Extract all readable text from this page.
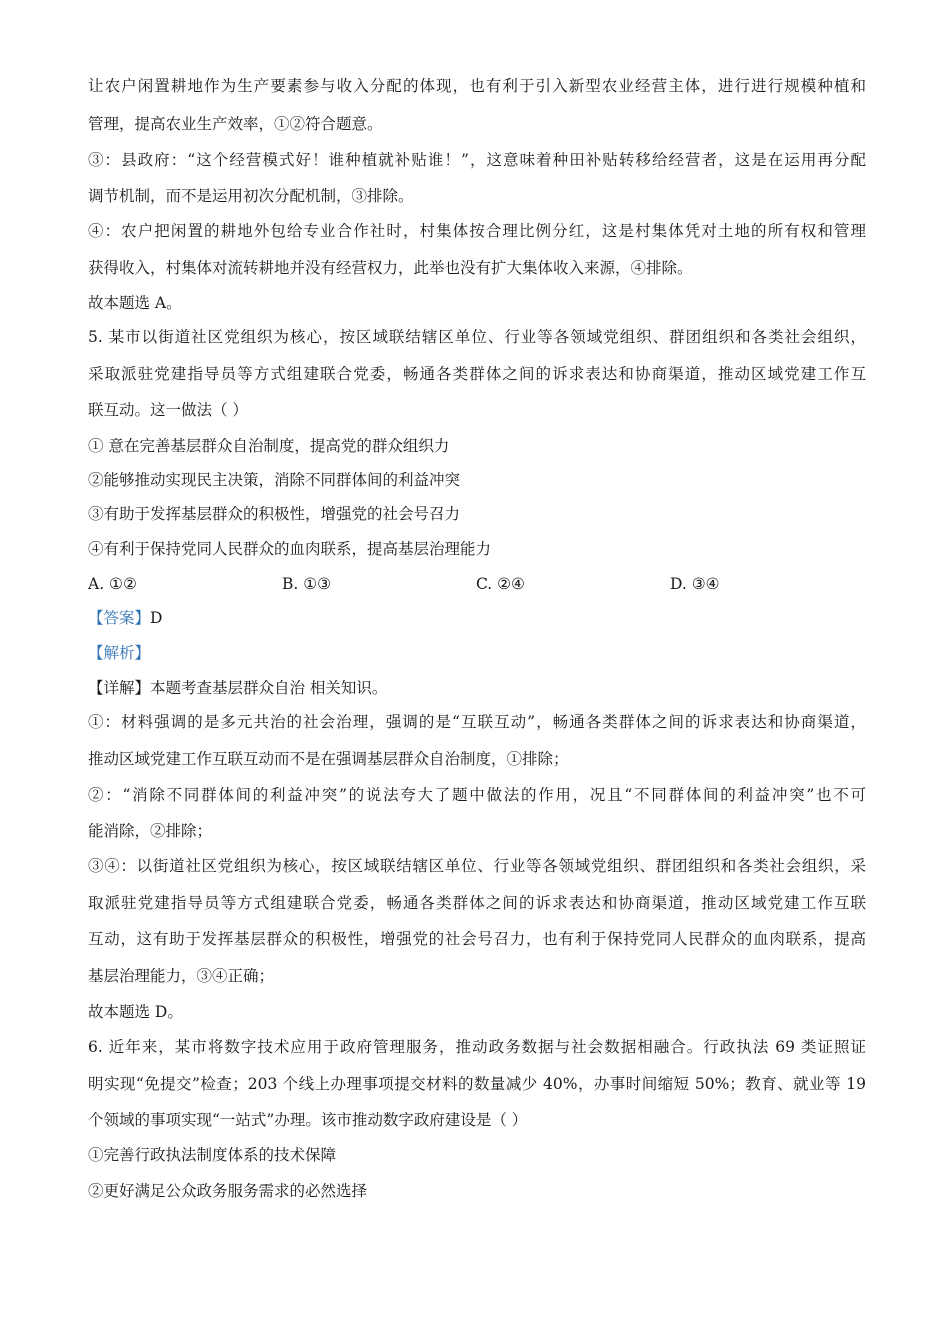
让农户闲置耕地作为生产要素参与收入分配的体现，也有利于引入新型农业经营主体，进行进行规模种植和
管理，提高农业生产效率，①②符合题意。
③：县政府：“这个经营模式好！谁种植就补贴谁！”，这意味着种田补贴转移给经营者，这是在运用再分配
调节机制，而不是运用初次分配机制，③排除。
④：农户把闲置的耕地外包给专业合作社时，村集体按合理比例分红，这是村集体凭对土地的所有权和管理
获得收入，村集体对流转耕地并没有经营权力，此举也没有扩大集体收入来源，④排除。
故本题选 A。
5. 某市以街道社区党组织为核心，按区域联结辖区单位、行业等各领域党组织、群团组织和各类社会组织，
采取派驻党建指导员等方式组建联合党委，畅通各类群体之间的诉求表达和协商渠道，推动区域党建工作互
联互动。这一做法（ ）
① 意在完善基层群众自治制度，提高党的群众组织力
②能够推动实现民主决策，消除不同群体间的利益冲突
③有助于发挥基层群众的积极性，增强党的社会号召力
④有利于保持党同人民群众的血肉联系，提高基层治理能力
A. ①②	B. ①③	C. ②④	D. ③④
【答案】D
【解析】
【详解】本题考查基层群众自治 相关知识。
①：材料强调的是多元共治的社会治理，强调的是“互联互动”，畅通各类群体之间的诉求表达和协商渠道，
推动区域党建工作互联互动而不是在强调基层群众自治制度，①排除；
②：“消除不同群体间的利益冲突”的说法夸大了题中做法的作用，况且“不同群体间的利益冲突”也不可
能消除，②排除；
③④：以街道社区党组织为核心，按区域联结辖区单位、行业等各领域党组织、群团组织和各类社会组织，采
取派驻党建指导员等方式组建联合党委，畅通各类群体之间的诉求表达和协商渠道，推动区域党建工作互联
互动，这有助于发挥基层群众的积极性，增强党的社会号召力，也有利于保持党同人民群众的血肉联系，提高
基层治理能力，③④正确；
故本题选 D。
6. 近年来，某市将数字技术应用于政府管理服务，推动政务数据与社会数据相融合。行政执法 69 类证照证
明实现“免提交”检查；203 个线上办理事项提交材料的数量减少 40%，办事时间缩短 50%；教育、就业等 19
个领域的事项实现“一站式”办理。该市推动数字政府建设是（ ）
①完善行政执法制度体系的技术保障
②更好满足公众政务服务需求的必然选择
